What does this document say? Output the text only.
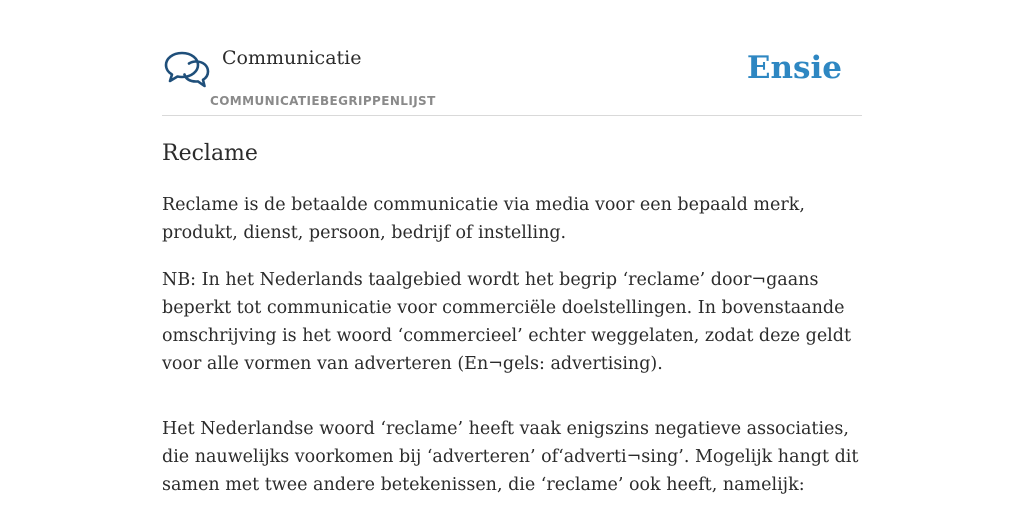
Communicatie
COMMUNICATIEBEGRIPPENLIJST
Ensie
Reclame

Reclame is de betaalde communicatie via media voor een bepaald merk, produkt, dienst, persoon, bedrijf of instelling.

NB: In het Nederlands taalgebied wordt het begrip ‘reclame’ door¬gaans beperkt tot communicatie voor commerciële doelstellingen. In bovenstaande omschrijving is het woord ‘commercieel’ echter weggelaten, zodat deze geldt voor alle vormen van adverteren (En¬gels: advertising).

Het Nederlandse woord ‘reclame’ heeft vaak enigszins negatieve associaties, die nauwelijks voorkomen bij ‘adverteren’ of‘adverti¬sing’. Mogelijk hangt dit samen met twee andere betekenissen, die ‘reclame’ ook heeft, namelijk:
